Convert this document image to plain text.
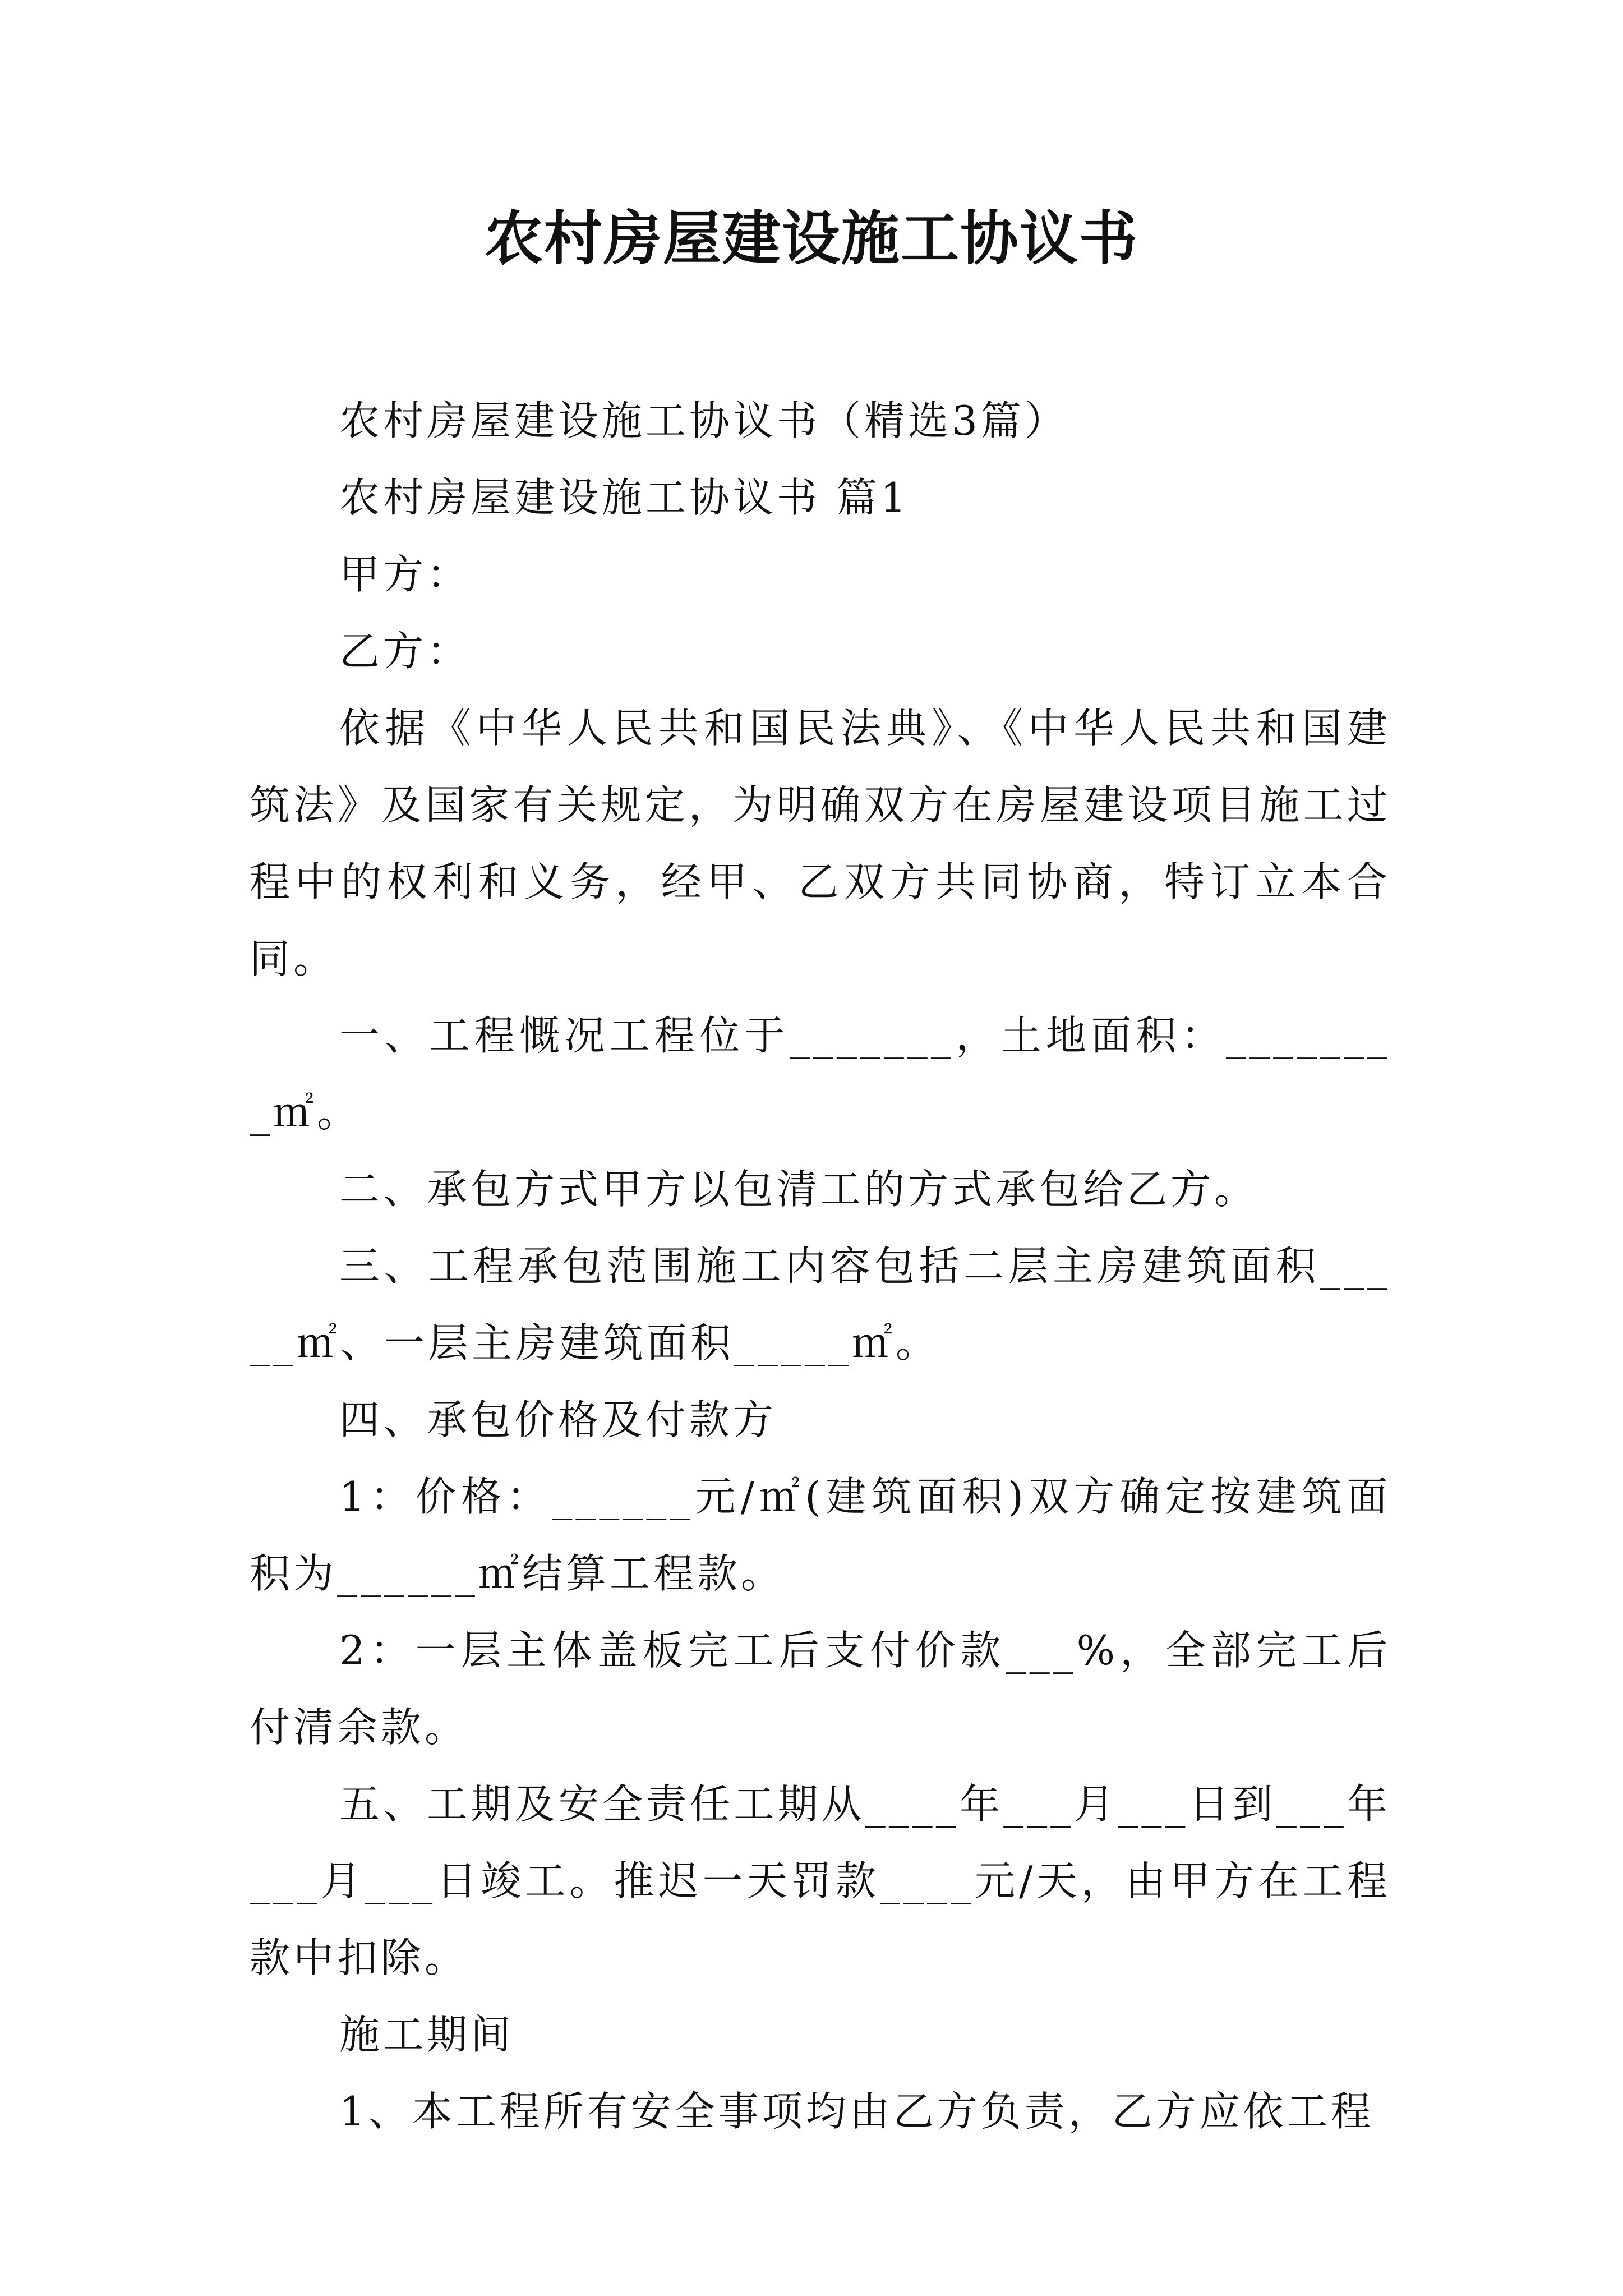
农村房屋建设施工协议书

农村房屋建设施工协议书（精选3篇）

农村房屋建设施工协议书 篇1

甲方：

乙方：

依据《中华人民共和国民法典》、《中华人民共和国建筑法》及国家有关规定，为明确双方在房屋建设项目施工过程中的权利和义务，经甲、乙双方共同协商，特订立本合同。

一、工程慨况工程位于_______，土地面积：________㎡。

二、承包方式甲方以包清工的方式承包给乙方。

三、工程承包范围施工内容包括二层主房建筑面积_____㎡、一层主房建筑面积_____㎡。

四、承包价格及付款方

1：价格：______元/㎡(建筑面积)双方确定按建筑面积为______㎡结算工程款。

2：一层主体盖板完工后支付价款___%，全部完工后付清余款。

五、工期及安全责任工期从____年___月___日到___年___月___日竣工。推迟一天罚款____元/天，由甲方在工程款中扣除。

施工期间

1、本工程所有安全事项均由乙方负责，乙方应依工程
